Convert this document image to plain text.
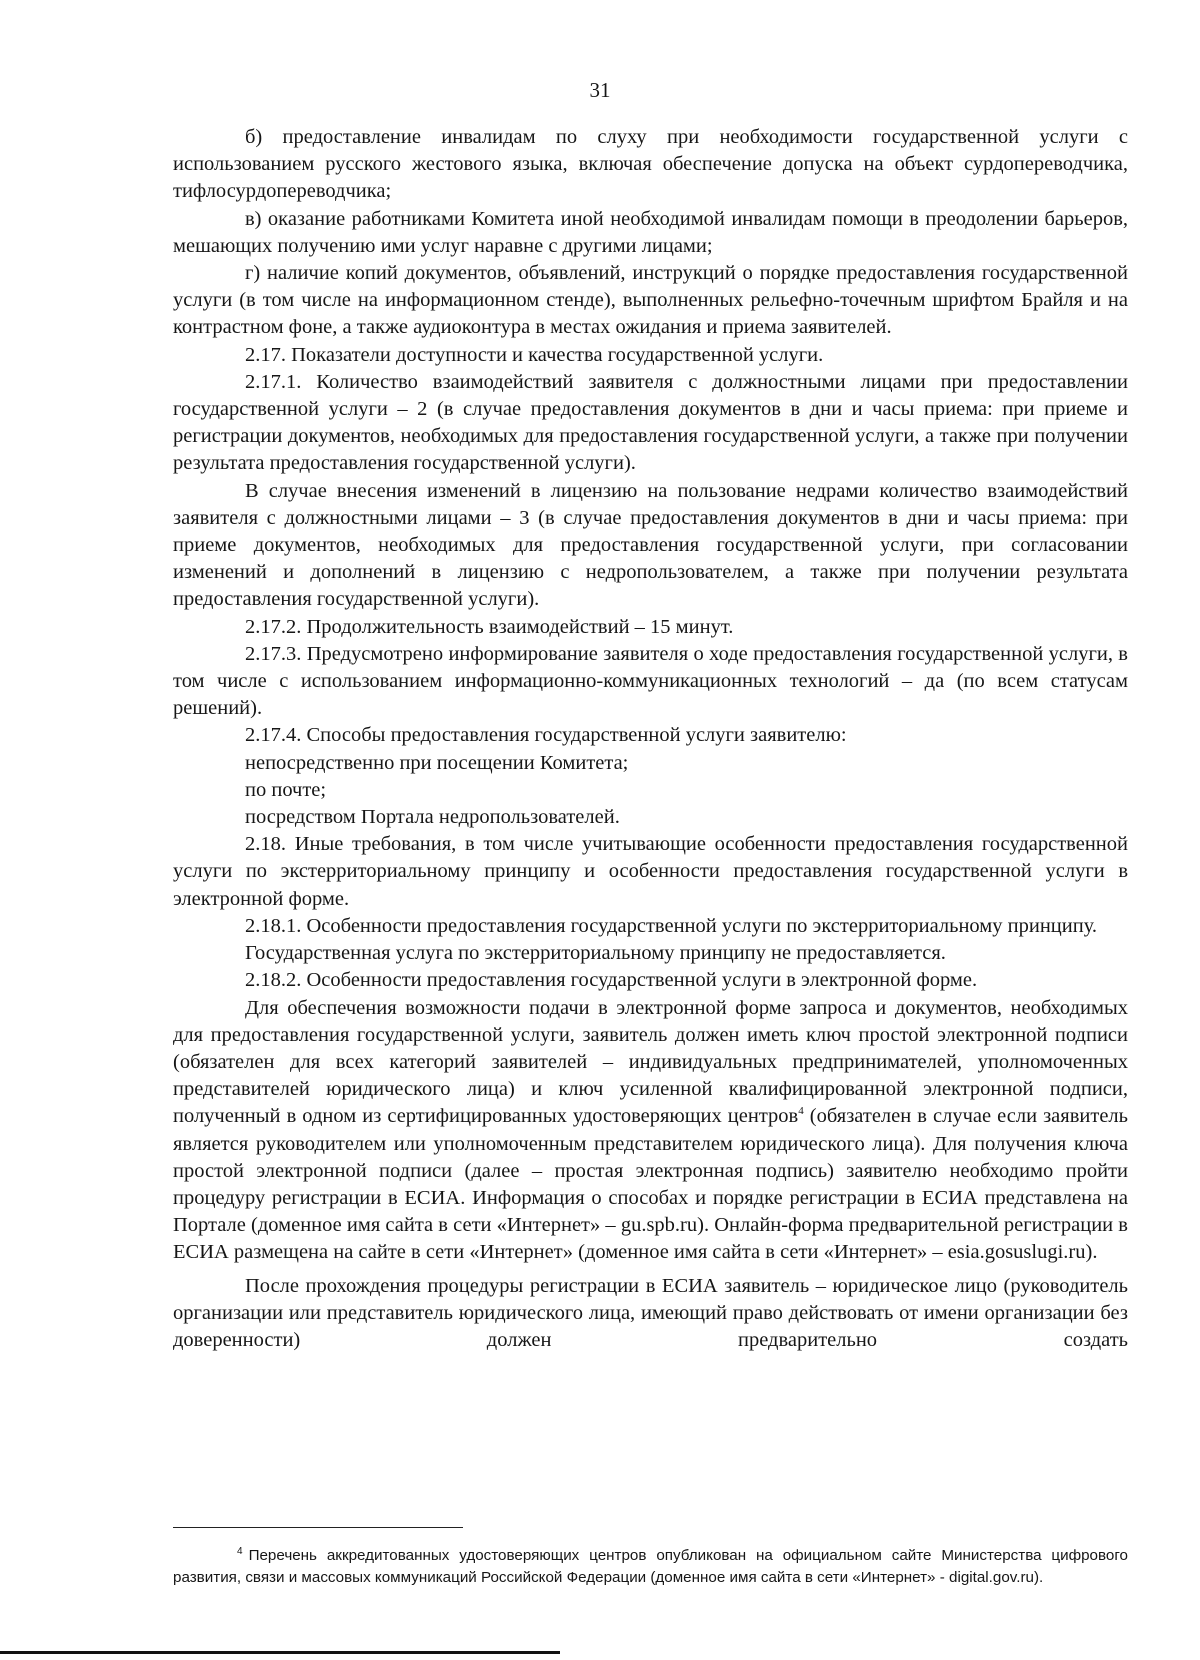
31

б) предоставление инвалидам по слуху при необходимости государственной услуги с использованием русского жестового языка, включая обеспечение допуска на объект сурдопереводчика, тифлосурдопереводчика;

в) оказание работниками Комитета иной необходимой инвалидам помощи в преодолении барьеров, мешающих получению ими услуг наравне с другими лицами;

г) наличие копий документов, объявлений, инструкций о порядке предоставления государственной услуги (в том числе на информационном стенде), выполненных рельефно-точечным шрифтом Брайля и на контрастном фоне, а также аудиоконтура в местах ожидания и приема заявителей.

2.17. Показатели доступности и качества государственной услуги.

2.17.1. Количество взаимодействий заявителя с должностными лицами при предоставлении государственной услуги – 2 (в случае предоставления документов в дни и часы приема: при приеме и регистрации документов, необходимых для предоставления государственной услуги, а также при получении результата предоставления государственной услуги).

В случае внесения изменений в лицензию на пользование недрами количество взаимодействий заявителя с должностными лицами – 3 (в случае предоставления документов в дни и часы приема: при приеме документов, необходимых для предоставления государственной услуги, при согласовании изменений и дополнений в лицензию с недропользователем, а также при получении результата предоставления государственной услуги).

2.17.2. Продолжительность взаимодействий – 15 минут.

2.17.3. Предусмотрено информирование заявителя о ходе предоставления государственной услуги, в том числе с использованием информационно-коммуникационных технологий – да (по всем статусам решений).

2.17.4. Способы предоставления государственной услуги заявителю:

непосредственно при посещении Комитета;

по почте;

посредством Портала недропользователей.

2.18. Иные требования, в том числе учитывающие особенности предоставления государственной услуги по экстерриториальному принципу и особенности предоставления государственной услуги в электронной форме.

2.18.1. Особенности предоставления государственной услуги по экстерриториальному принципу.

Государственная услуга по экстерриториальному принципу не предоставляется.

2.18.2. Особенности предоставления государственной услуги в электронной форме.

Для обеспечения возможности подачи в электронной форме запроса и документов, необходимых для предоставления государственной услуги, заявитель должен иметь ключ простой электронной подписи (обязателен для всех категорий заявителей – индивидуальных предпринимателей, уполномоченных представителей юридического лица) и ключ усиленной квалифицированной электронной подписи, полученный в одном из сертифицированных удостоверяющих центров$^4$ (обязателен в случае если заявитель является руководителем или уполномоченным представителем юридического лица). Для получения ключа простой электронной подписи (далее – простая электронная подпись) заявителю необходимо пройти процедуру регистрации в ЕСИА. Информация о способах и порядке регистрации в ЕСИА представлена на Портале (доменное имя сайта в сети «Интернет» – gu.spb.ru). Онлайн-форма предварительной регистрации в ЕСИА размещена на сайте в сети «Интернет» (доменное имя сайта в сети «Интернет» – esia.gosuslugi.ru).

После прохождения процедуры регистрации в ЕСИА заявитель – юридическое лицо (руководитель организации или представитель юридического лица, имеющий право действовать от имени организации без доверенности) должен предварительно создать

$^4$ Перечень аккредитованных удостоверяющих центров опубликован на официальном сайте Министерства цифрового развития, связи и массовых коммуникаций Российской Федерации (доменное имя сайта в сети «Интернет» - digital.gov.ru).
